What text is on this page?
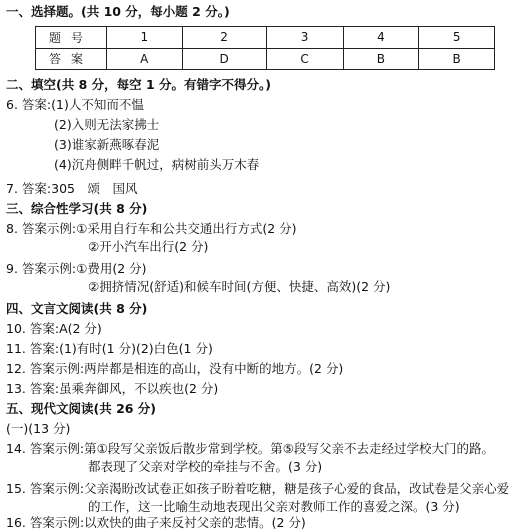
一、选择题。(共 10 分，每小题 2 分。)
二、填空(共 8 分，每空 1 分。有错字不得分。)
6. 答案:(1)人不知而不愠
(2)入则无法家拂士
(3)谁家新燕啄春泥
(4)沉舟侧畔千帆过，病树前头万木春
7. 答案:305　颂　国风
三、综合性学习(共 8 分)
8. 答案示例:①采用自行车和公共交通出行方式(2 分)
②开小汽车出行(2 分)
9. 答案示例:①费用(2 分)
②拥挤情况(舒适)和候车时间(方便、快捷、高效)(2 分)
四、文言文阅读(共 8 分)
10. 答案:A(2 分)
11. 答案:(1)有时(1 分)(2)白色(1 分)
12. 答案示例:两岸都是相连的高山，没有中断的地方。(2 分)
13. 答案:虽乘奔御风，不以疾也(2 分)
五、现代文阅读(共 26 分)
(一)(13 分)
14. 答案示例:第①段写父亲饭后散步常到学校。第⑤段写父亲不去走经过学校大门的路。
都表现了父亲对学校的牵挂与不舍。(3 分)
15. 答案示例:父亲渴盼改试卷正如孩子盼着吃糖，糖是孩子心爱的食品，改试卷是父亲心爱
的工作，这一比喻生动地表现出父亲对教师工作的喜爱之深。(3 分)
16. 答案示例:以欢快的曲子来反衬父亲的悲情。(2 分)
题号	1	2	3	4	5
答案	A	D	C	B	B
